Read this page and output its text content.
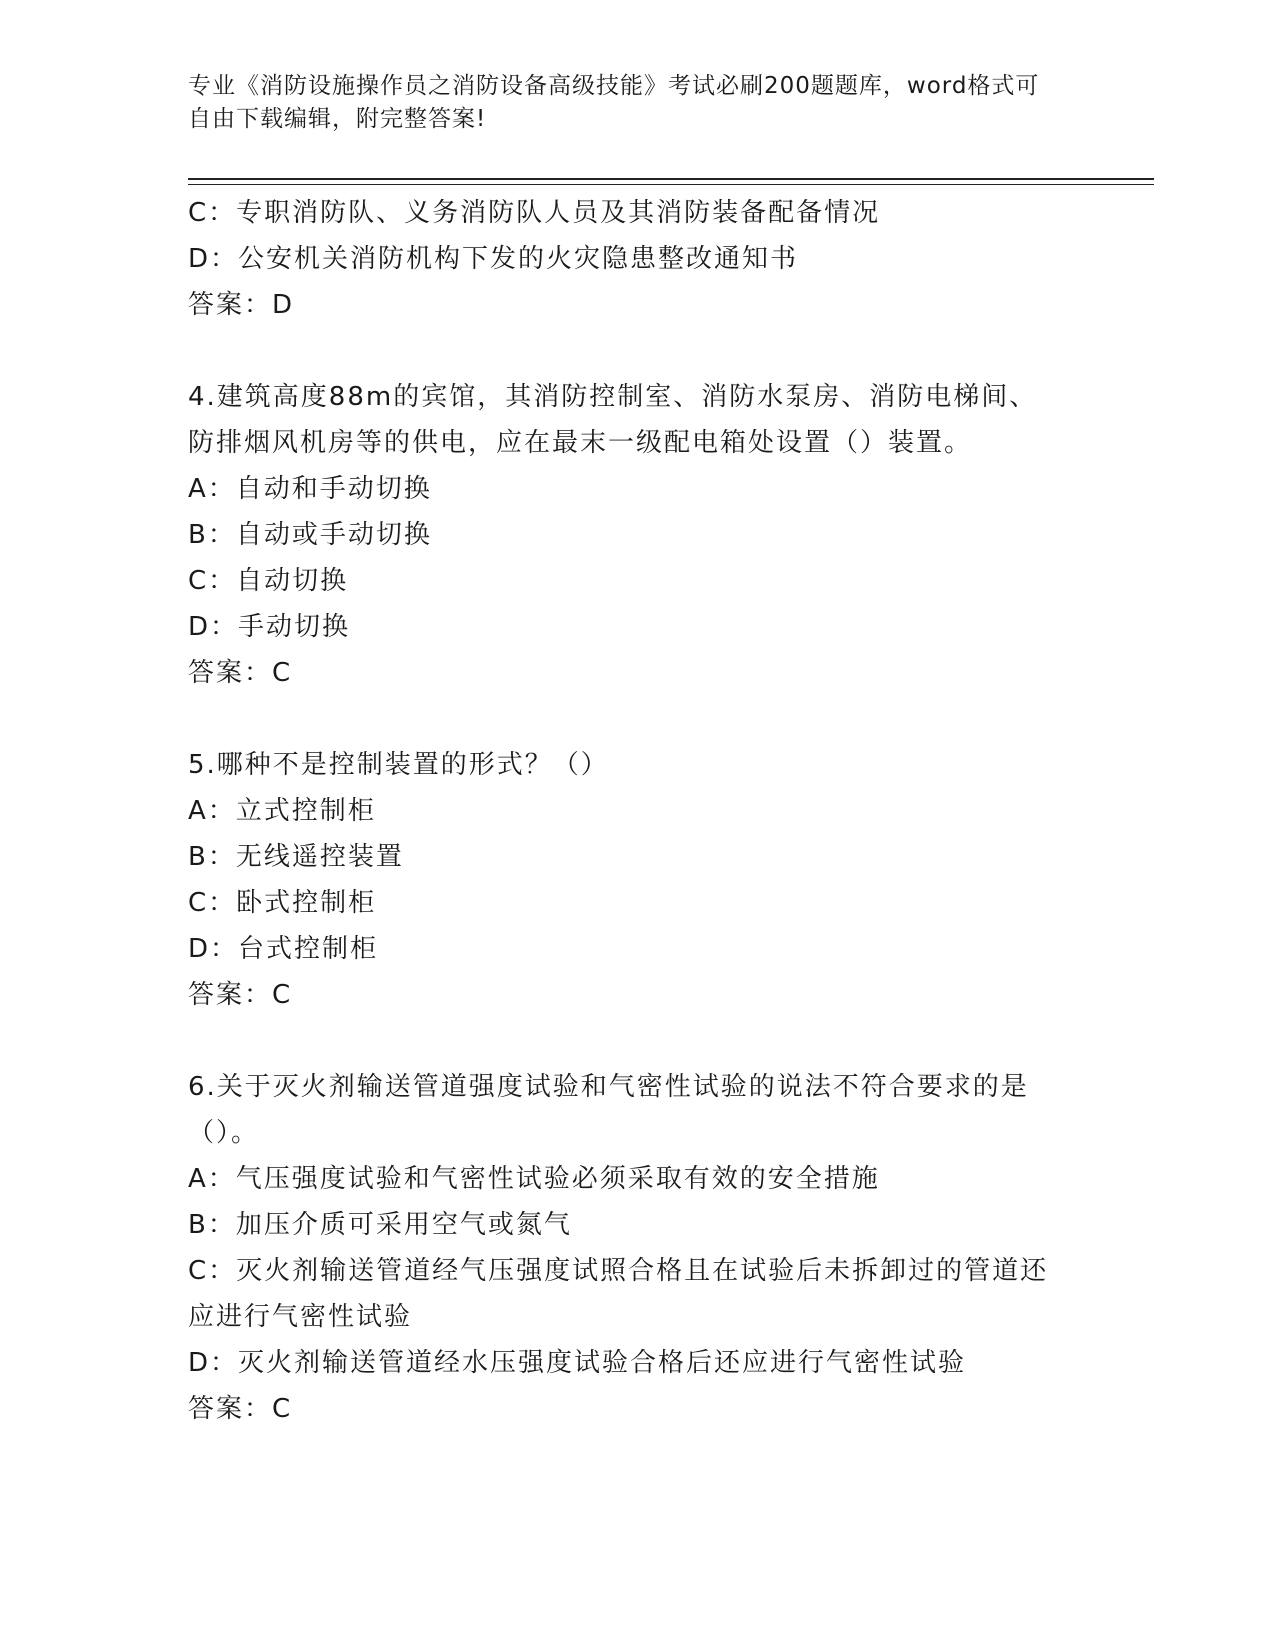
专业《消防设施操作员之消防设备高级技能》考试必刷200题题库，word格式可
自由下载编辑，附完整答案!
C：专职消防队、义务消防队人员及其消防装备配备情况
D：公安机关消防机构下发的火灾隐患整改通知书
答案：D
4.建筑高度88m的宾馆，其消防控制室、消防水泵房、消防电梯间、
防排烟风机房等的供电，应在最末一级配电箱处设置（）装置。
A：自动和手动切换
B：自动或手动切换
C：自动切换
D：手动切换
答案：C
5.哪种不是控制装置的形式？（）
A：立式控制柜
B：无线遥控装置
C：卧式控制柜
D：台式控制柜
答案：C
6.关于灭火剂输送管道强度试验和气密性试验的说法不符合要求的是
（）。
A：气压强度试验和气密性试验必须采取有效的安全措施
B：加压介质可采用空气或氮气
C：灭火剂输送管道经气压强度试照合格且在试验后未拆卸过的管道还
应进行气密性试验
D：灭火剂输送管道经水压强度试验合格后还应进行气密性试验
答案：C
